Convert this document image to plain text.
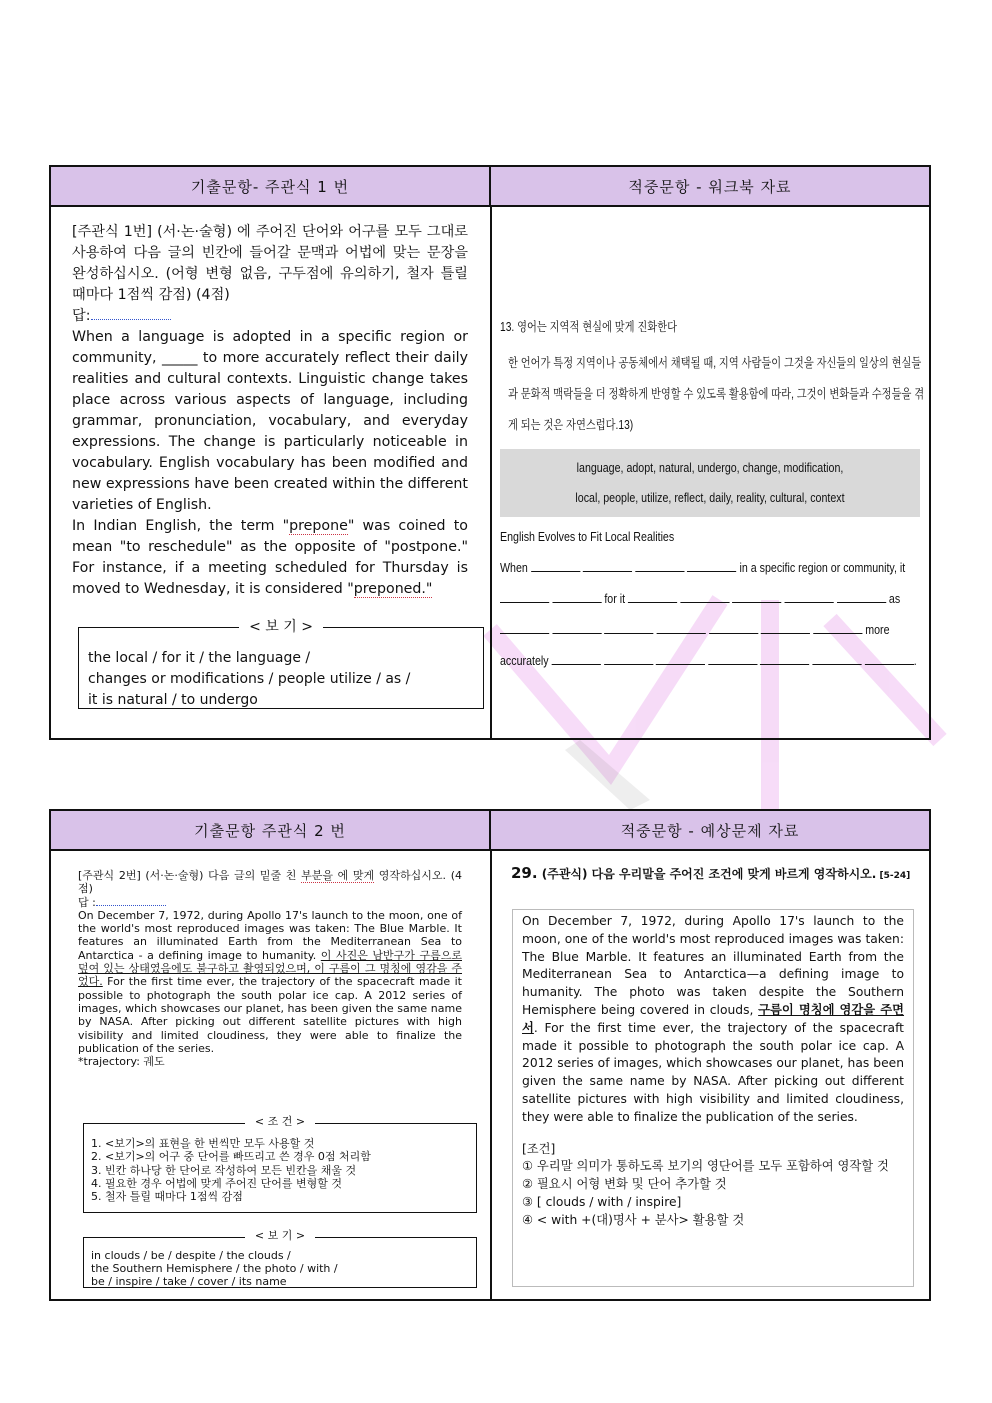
기출문항- 주관식 1 번	적중문항 - 워크북 자료

[주관식 1번] (서·논·술형) 에 주어진 단어와 어구를 모두 그대로 사용하여 다음 글의 빈칸에 들어갈 문맥과 어법에 맞는 문장을 완성하십시오. (어형 변형 없음, 구두점에 유의하기, 철자 틀릴 때마다 1점씩 감점) (4점)

답:

When a language is adopted in a specific region or community, _____ to more accurately reflect their daily realities and cultural contexts. Linguistic change takes place across various aspects of language, including grammar, pronunciation, vocabulary, and everyday expressions. The change is particularly noticeable in vocabulary. English vocabulary has been modified and new expressions have been created within the different varieties of English.

In Indian English, the term "prepone" was coined to mean "to reschedule" as the opposite of "postpone." For instance, if a meeting scheduled for Thursday is moved to Wednesday, it is considered "preponed."

< 보 기 >
the local / for it / the language /
changes or modifications / people utilize / as /
it is natural / to undergo
13. 영어는 지역적 현실에 맞게 진화한다
한 언어가 특정 지역이나 공동체에서 채택될 때, 지역 사람들이 그것을 자신들의 일상의 현실들과 문화적 맥락들을 더 정확하게 반영할 수 있도록 활용함에 따라, 그것이 변화들과 수정들을 겪게 되는 것은 자연스럽다.13)
language, adopt, natural, undergo, change, modification,
local, people, utilize, reflect, daily, reality, cultural, context
English Evolves to Fit Local Realities
When	in a specific region or community, it
for it	as
more
accurately	.
기출문항 주관식 2 번	적중문항 - 예상문제 자료

[주관식 2번] (서·논·술형) 다음 글의 밑줄 친 부분을 에 맞게 영작하십시오. (4점)

답 :

On December 7, 1972, during Apollo 17's launch to the moon, one of the world's most reproduced images was taken: The Blue Marble. It features an illuminated Earth from the Mediterranean Sea to Antarctica - a defining image to humanity. 이 사진은 남반구가 구름으로 덮여 있는 상태였음에도 불구하고 촬영되었으며, 이 구름이 그 명칭에 영감을 주었다. For the first time ever, the trajectory of the spacecraft made it possible to photograph the south polar ice cap. A 2012 series of images, which showcases our planet, has been given the same name by NASA. After picking out different satellite pictures with high visibility and limited cloudiness, they were able to finalize the publication of the series.

*trajectory: 궤도

< 조 건 >
1. <보기>의 표현을 한 번씩만 모두 사용할 것
2. <보기>의 어구 중 단어를 빠뜨리고 쓴 경우 0점 처리함
3. 빈칸 하나당 한 단어로 작성하여 모든 빈칸을 채울 것
4. 필요한 경우 어법에 맞게 주어진 단어를 변형할 것
5. 철자 틀릴 때마다 1점씩 감점
< 보 기 >
in clouds / be / despite / the clouds /
the Southern Hemisphere / the photo / with /
be / inspire / take / cover / its name
29. (주관식) 다음 우리말을 주어진 조건에 맞게 바르게 영작하시오. [5-24]
On December 7, 1972, during Apollo 17's launch to the moon, one of the world's most reproduced images was taken: The Blue Marble. It features an illuminated Earth from the Mediterranean Sea to Antarctica—a defining image to humanity. The photo was taken despite the Southern Hemisphere being covered in clouds, 구름이 명칭에 영감을 주면서. For the first time ever, the trajectory of the spacecraft made it possible to photograph the south polar ice cap. A 2012 series of images, which showcases our planet, has been given the same name by NASA. After picking out different satellite pictures with high visibility and limited cloudiness, they were able to finalize the publication of the series.
[조건]
① 우리말 의미가 통하도록 보기의 영단어를 모두 포함하여 영작할 것
② 필요시 어형 변화 및 단어 추가할 것
③ [ clouds / with / inspire]
④ < with +(대)명사 + 분사> 활용할 것
